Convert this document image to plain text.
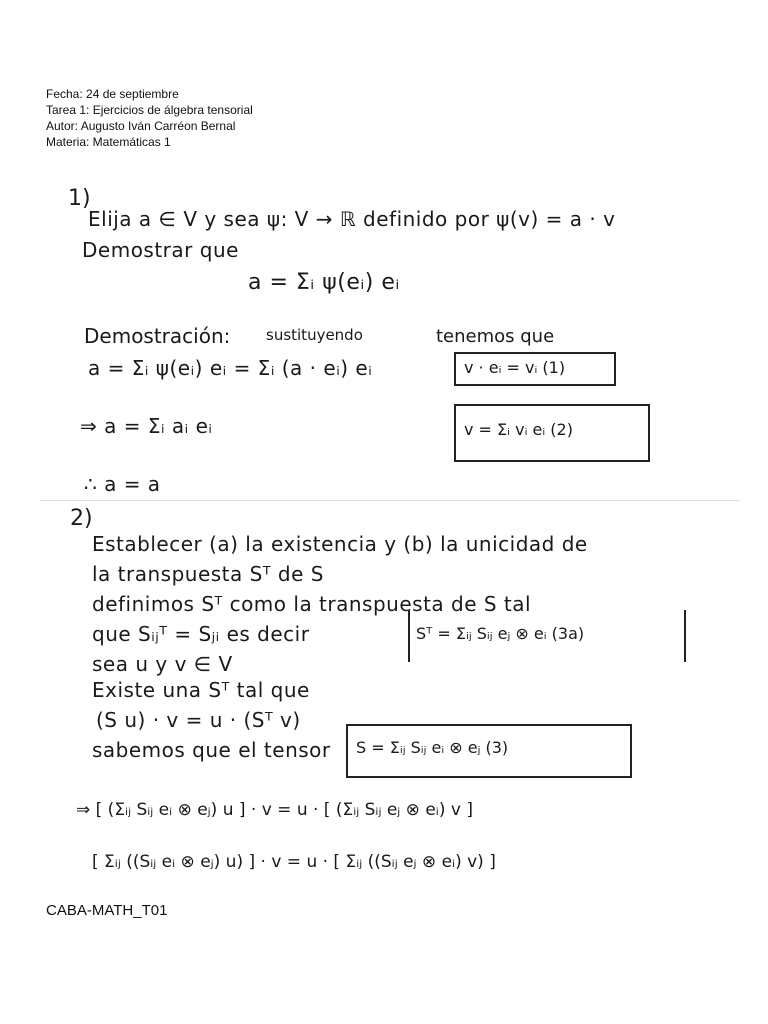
Fecha: 24 de septiembre
Tarea 1: Ejercicios de álgebra tensorial
Autor: Augusto Iván Carréon Bernal
Materia: Matemáticas 1
1)
Elija a ∈ V y sea ψ: V → ℝ definido por ψ(v) = a · v
Demostrar que
a = Σᵢ ψ(eᵢ) eᵢ
Demostración: sustituyendo	tenemos que
a = Σᵢ ψ(eᵢ) eᵢ = Σᵢ (a · eᵢ) eᵢ	v · eᵢ = vᵢ (1)
v = Σᵢ vᵢ eᵢ (2)
⇒ a = Σᵢ aᵢ eᵢ
∴ a = a
2)
Establecer (a) la existencia y (b) la unicidad de
la transpuesta Sᵀ de S
definimos Sᵀ como la transpuesta de S tal
que Sᵢⱼᵀ = Sⱼᵢ es decir	Sᵀ = Σᵢⱼ Sᵢⱼ eⱼ ⊗ eᵢ (3a)
sea u y v ∈ V
Existe una Sᵀ tal que
(S u) · v = u · (Sᵀ v)
sabemos que el tensor S = Σᵢⱼ Sᵢⱼ eᵢ ⊗ eⱼ (3)
⇒ [ (Σᵢⱼ Sᵢⱼ eᵢ ⊗ eⱼ) u ] · v = u · [ (Σᵢⱼ Sᵢⱼ eⱼ ⊗ eᵢ) v ]
[ Σᵢⱼ ((Sᵢⱼ eᵢ ⊗ eⱼ) u) ] · v = u · [ Σᵢⱼ ((Sᵢⱼ eⱼ ⊗ eᵢ) v) ]
CABA-MATH_T01
